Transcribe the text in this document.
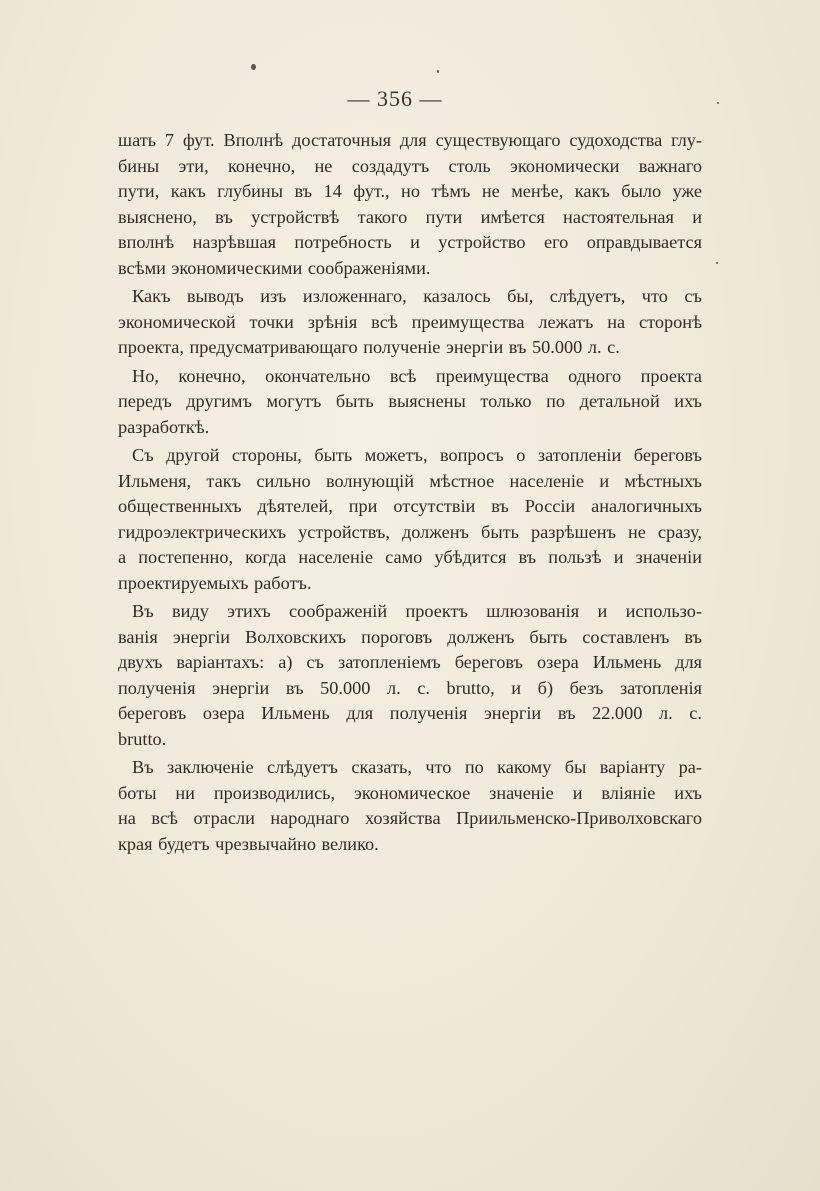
— 356 —
шать 7 фут. Вполнѣ достаточныя для существующаго судоходства глу-
бины эти, конечно, не создадутъ столь экономически важнаго
пути, какъ глубины въ 14 фут., но тѣмъ не менѣе, какъ было уже
выяснено, въ устройствѣ такого пути имѣется настоятельная и
вполнѣ назрѣвшая потребность и устройство его оправдывается
всѣми экономическими соображеніями.
Какъ выводъ изъ изложеннаго, казалось бы, слѣдуетъ, что съ
экономической точки зрѣнія всѣ преимущества лежатъ на сторонѣ
проекта, предусматривающаго полученіе энергіи въ 50.000 л. с.
Но, конечно, окончательно всѣ преимущества одного проекта
передъ другимъ могутъ быть выяснены только по детальной ихъ
разработкѣ.
Съ другой стороны, быть можетъ, вопросъ о затопленіи береговъ
Ильменя, такъ сильно волнующій мѣстное населеніе и мѣстныхъ
общественныхъ дѣятелей, при отсутствіи въ Россіи аналогичныхъ
гидроэлектрическихъ устройствъ, долженъ быть разрѣшенъ не сразу,
а постепенно, когда населеніе само убѣдится въ пользѣ и значеніи
проектируемыхъ работъ.
Въ виду этихъ соображеній проектъ шлюзованія и использо-
ванія энергіи Волховскихъ пороговъ долженъ быть составленъ въ
двухъ варіантахъ: а) съ затопленіемъ береговъ озера Ильмень для
полученія энергіи въ 50.000 л. с. brutto, и б) безъ затопленія
береговъ озера Ильмень для полученія энергіи въ 22.000 л. с.
brutto.
Въ заключеніе слѣдуетъ сказать, что по какому бы варіанту ра-
боты ни производились, экономическое значеніе и вліяніе ихъ
на всѣ отрасли народнаго хозяйства Приильменско-Приволховскаго
края будетъ чрезвычайно велико.
